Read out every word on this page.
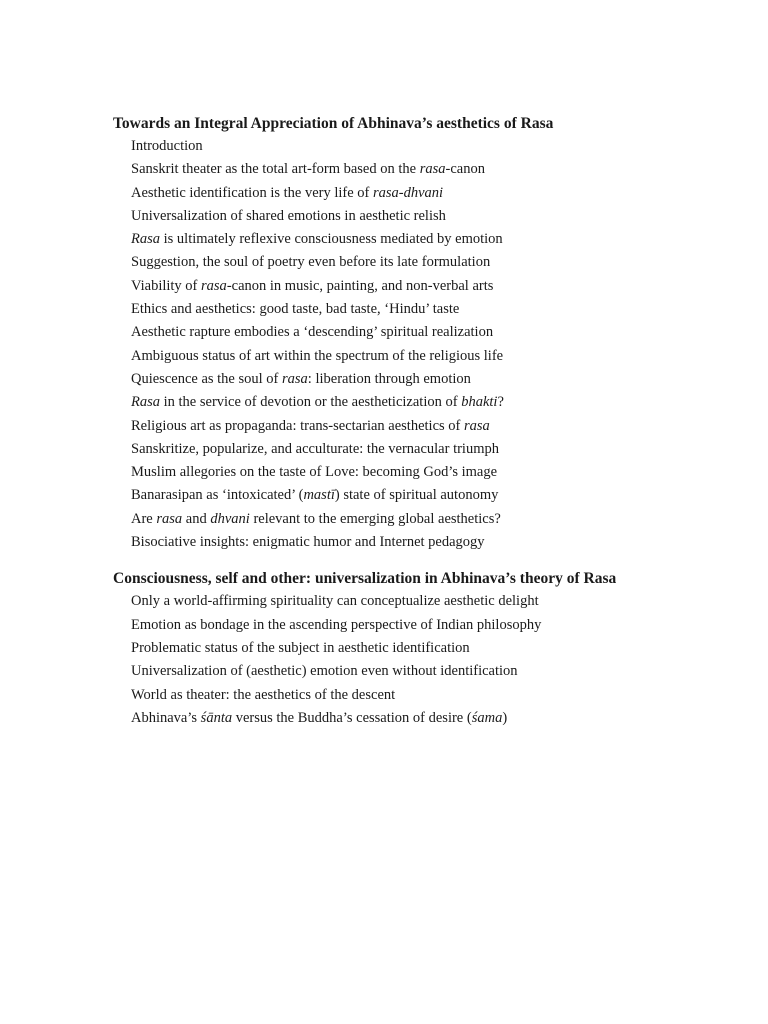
Towards an Integral Appreciation of Abhinava’s aesthetics of Rasa
Introduction
Sanskrit theater as the total art-form based on the rasa-canon
Aesthetic identification is the very life of rasa-dhvani
Universalization of shared emotions in aesthetic relish
Rasa is ultimately reflexive consciousness mediated by emotion
Suggestion, the soul of poetry even before its late formulation
Viability of rasa-canon in music, painting, and non-verbal arts
Ethics and aesthetics: good taste, bad taste, ‘Hindu’ taste
Aesthetic rapture embodies a ‘descending’ spiritual realization
Ambiguous status of art within the spectrum of the religious life
Quiescence as the soul of rasa: liberation through emotion
Rasa in the service of devotion or the aestheticization of bhakti?
Religious art as propaganda: trans-sectarian aesthetics of rasa
Sanskritize, popularize, and acculturate: the vernacular triumph
Muslim allegories on the taste of Love: becoming God’s image
Banarasipan as ‘intoxicated’ (mastī) state of spiritual autonomy
Are rasa and dhvani relevant to the emerging global aesthetics?
Bisociative insights: enigmatic humor and Internet pedagogy
Consciousness, self and other: universalization in Abhinava’s theory of Rasa
Only a world-affirming spirituality can conceptualize aesthetic delight
Emotion as bondage in the ascending perspective of Indian philosophy
Problematic status of the subject in aesthetic identification
Universalization of (aesthetic) emotion even without identification
World as theater: the aesthetics of the descent
Abhinava’s śānta versus the Buddha’s cessation of desire (śama)
